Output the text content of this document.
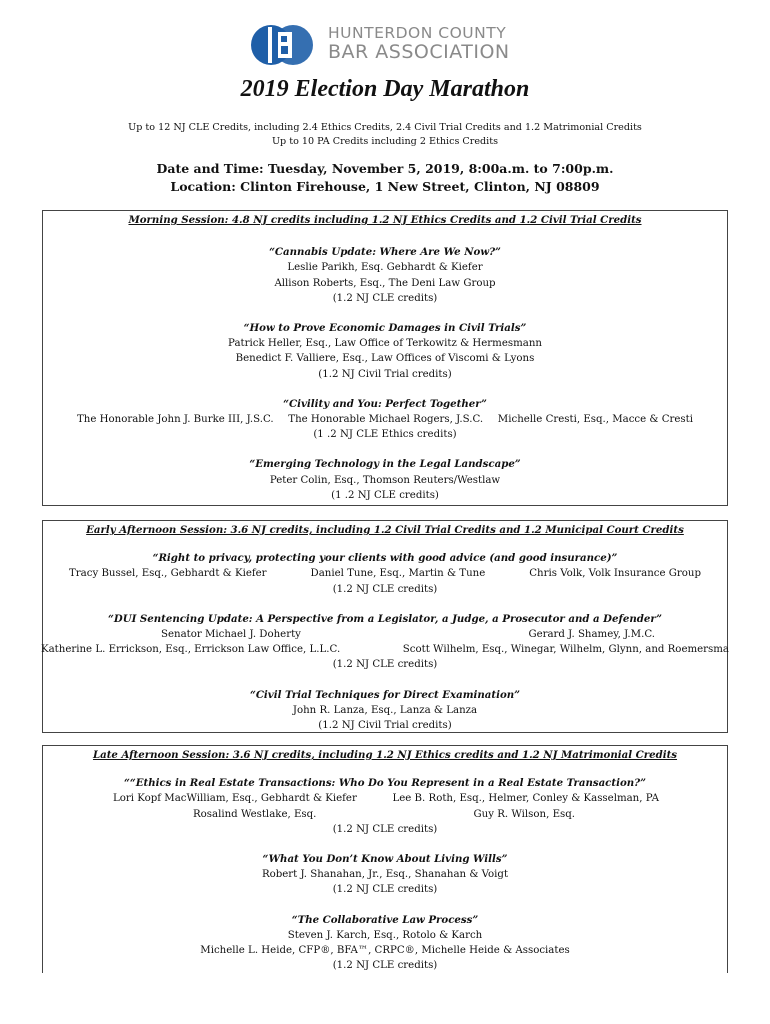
HUNTERDON COUNTY
BAR ASSOCIATION
2019 Election Day Marathon
Up to 12 NJ CLE Credits, including 2.4 Ethics Credits, 2.4 Civil Trial Credits and 1.2 Matrimonial Credits
Up to 10 PA Credits including 2 Ethics Credits
Date and Time: Tuesday, November 5, 2019, 8:00a.m. to 7:00p.m.
Location: Clinton Firehouse, 1 New Street, Clinton, NJ 08809
Morning Session: 4.8 NJ credits including 1.2 NJ Ethics Credits and 1.2 Civil Trial Credits
“Cannabis Update: Where Are We Now?”
Leslie Parikh, Esq. Gebhardt & Kiefer
Allison Roberts, Esq., The Deni Law Group
(1.2 NJ CLE credits)
“How to Prove Economic Damages in Civil Trials”
Patrick Heller, Esq., Law Office of Terkowitz & Hermesmann
Benedict F. Valliere, Esq., Law Offices of Viscomi & Lyons
(1.2 NJ Civil Trial credits)
“Civility and You: Perfect Together”
The Honorable John J. Burke III, J.S.C. The Honorable Michael Rogers, J.S.C. Michelle Cresti, Esq., Macce & Cresti
(1 .2 NJ CLE Ethics credits)
“Emerging Technology in the Legal Landscape”
Peter Colin, Esq., Thomson Reuters/Westlaw
(1 .2 NJ CLE credits)
Early Afternoon Session: 3.6 NJ credits, including 1.2 Civil Trial Credits and 1.2 Municipal Court Credits
“Right to privacy, protecting your clients with good advice (and good insurance)”
Tracy Bussel, Esq., Gebhardt & Kiefer	Daniel Tune, Esq., Martin & Tune	Chris Volk, Volk Insurance Group
(1.2 NJ CLE credits)
“DUI Sentencing Update: A Perspective from a Legislator, a Judge, a Prosecutor and a Defender”
Senator Michael J. Doherty	Gerard J. Shamey, J.M.C.
Katherine L. Errickson, Esq., Errickson Law Office, L.L.C.	Scott Wilhelm, Esq., Winegar, Wilhelm, Glynn, and Roemersma
(1.2 NJ CLE credits)
“Civil Trial Techniques for Direct Examination”
John R. Lanza, Esq., Lanza & Lanza
(1.2 NJ Civil Trial credits)
Late Afternoon Session: 3.6 NJ credits, including 1.2 NJ Ethics credits and 1.2 NJ Matrimonial Credits
““Ethics in Real Estate Transactions: Who Do You Represent in a Real Estate Transaction?”
Lori Kopf MacWilliam, Esq., Gebhardt & Kiefer	Lee B. Roth, Esq., Helmer, Conley & Kasselman, PA
Rosalind Westlake, Esq.	Guy R. Wilson, Esq.
(1.2 NJ CLE credits)
“What You Don’t Know About Living Wills”
Robert J. Shanahan, Jr., Esq., Shanahan & Voigt
(1.2 NJ CLE credits)
“The Collaborative Law Process”
Steven J. Karch, Esq., Rotolo & Karch
Michelle L. Heide, CFP®, BFA™, CRPC®, Michelle Heide & Associates
(1.2 NJ CLE credits)
